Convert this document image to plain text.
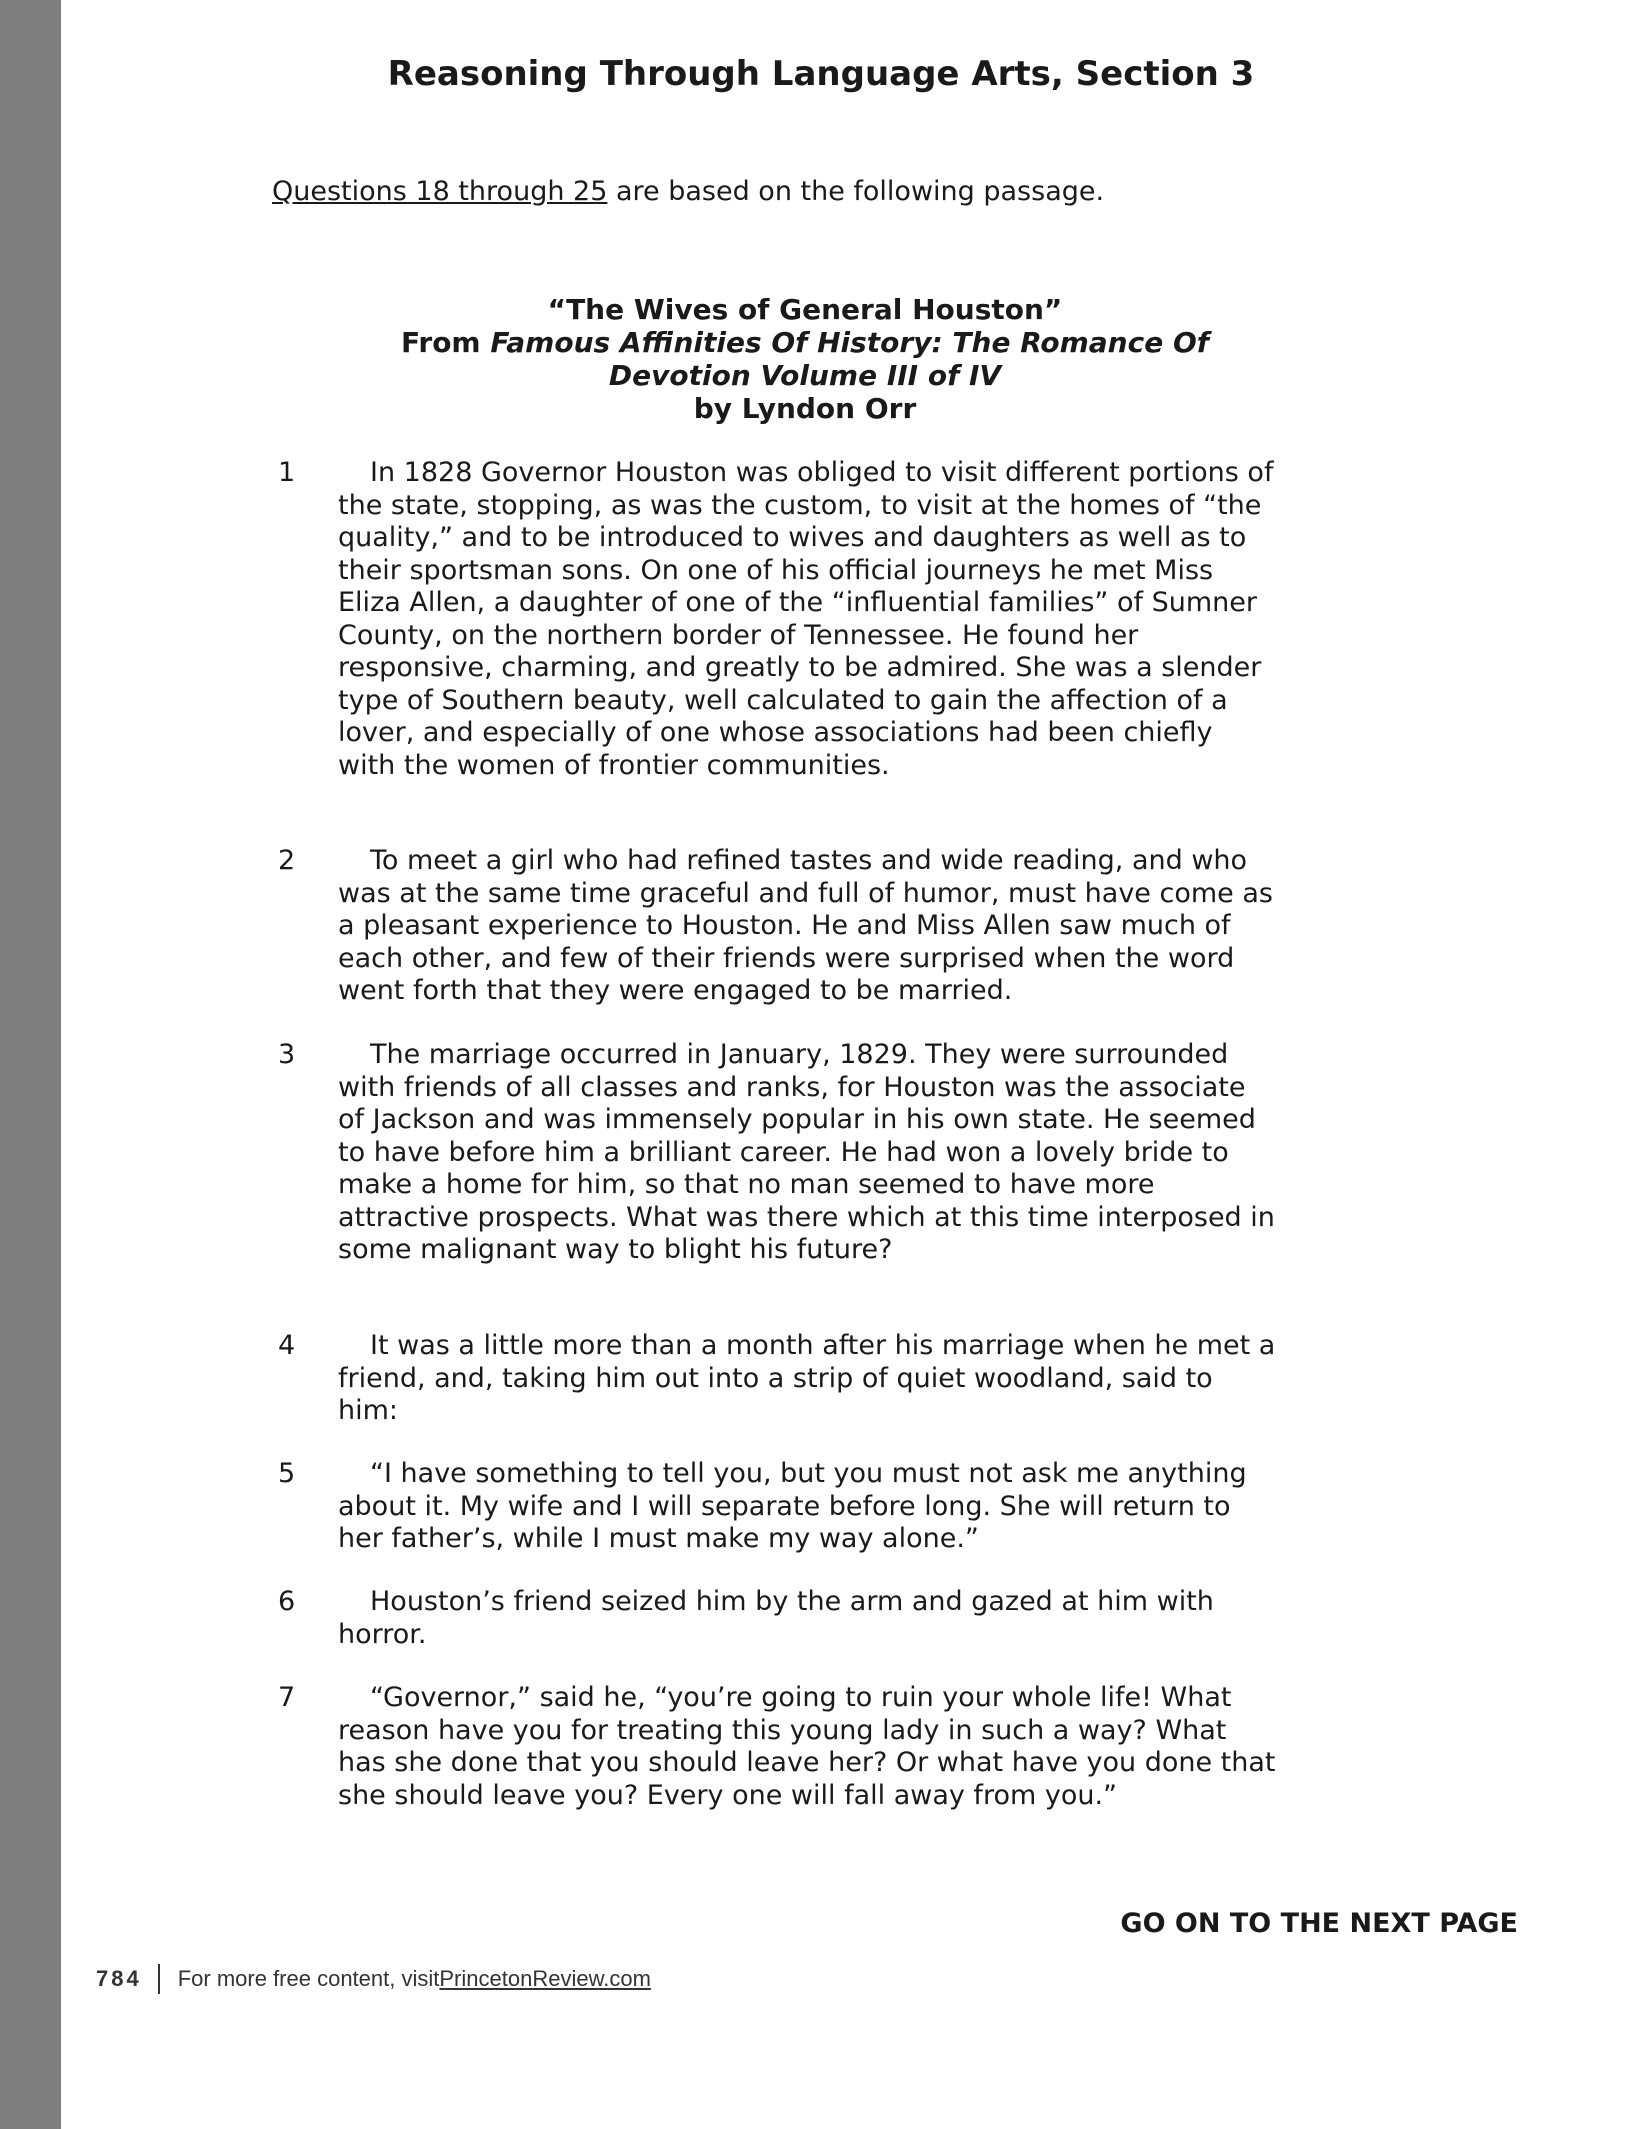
Reasoning Through Language Arts, Section 3

Questions 18 through 25 are based on the following passage.

“The Wives of General Houston”
From Famous Affinities Of History: The Romance Of
Devotion Volume III of IV
by Lyndon Orr
1	In 1828 Governor Houston was obliged to visit different portions of the state, stopping, as was the custom, to visit at the homes of “the quality,” and to be introduced to wives and daughters as well as to their sportsman sons. On one of his official journeys he met Miss Eliza Allen, a daughter of one of the “influential families” of Sumner County, on the northern border of Tennessee. He found her responsive, charming, and greatly to be admired. She was a slender type of Southern beauty, well calculated to gain the affection of a lover, and especially of one whose associations had been chiefly with the women of frontier communities.

2	To meet a girl who had refined tastes and wide reading, and who was at the same time graceful and full of humor, must have come as a pleasant experience to Houston. He and Miss Allen saw much of each other, and few of their friends were surprised when the word went forth that they were engaged to be married.

3	The marriage occurred in January, 1829. They were surrounded with friends of all classes and ranks, for Houston was the associate of Jackson and was immensely popular in his own state. He seemed to have before him a brilliant career. He had won a lovely bride to make a home for him, so that no man seemed to have more attractive prospects. What was there which at this time interposed in some malignant way to blight his future?

4	It was a little more than a month after his marriage when he met a friend, and, taking him out into a strip of quiet woodland, said to him:

5	“I have something to tell you, but you must not ask me anything about it. My wife and I will separate before long. She will return to her father’s, while I must make my way alone.”

6	Houston’s friend seized him by the arm and gazed at him with horror.

7	“Governor,” said he, “you’re going to ruin your whole life! What reason have you for treating this young lady in such a way? What has she done that you should leave her? Or what have you done that she should leave you? Every one will fall away from you.”

GO ON TO THE NEXT PAGE

784 For more free content, visit PrincetonReview.com
